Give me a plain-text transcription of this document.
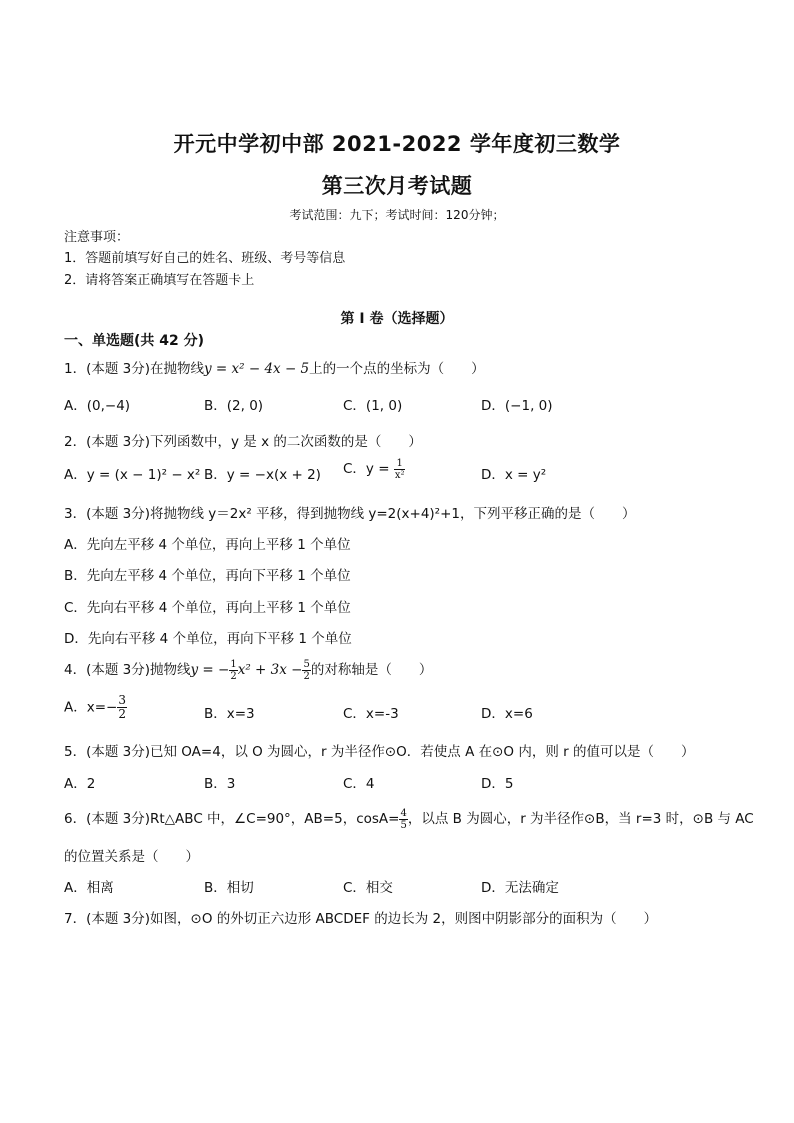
开元中学初中部 2021-2022 学年度初三数学
第三次月考试题
考试范围：九下；考试时间：120分钟；
注意事项：
1．答题前填写好自己的姓名、班级、考号等信息
2．请将答案正确填写在答题卡上
第 I 卷（选择题）
一、单选题(共 42 分)
1．(本题 3分)在抛物线y = x² − 4x − 5上的一个点的坐标为（　　）
A．(0,−4)	B．(2, 0)	C．(1, 0)	D．(−1, 0)
2．(本题 3分)下列函数中，y 是 x 的二次函数的是（　　）
A．y = (x − 1)² − x² B．y = −x(x + 2) C．$y = \frac{1}{\text{x²}}$	D．x = y²
3．(本题 3分)将抛物线 y＝2x² 平移，得到抛物线 y=2(x+4)²+1，下列平移正确的是（　　）
A．先向左平移 4 个单位，再向上平移 1 个单位
B．先向左平移 4 个单位，再向下平移 1 个单位
C．先向右平移 4 个单位，再向上平移 1 个单位
D．先向右平移 4 个单位，再向下平移 1 个单位
4．(本题 3分)抛物线y = − $\frac{1}{2} x^2 + 3x - \frac{5}{2}$ 的对称轴是（　　）
A．$x=- \frac{3}{2}$	B．x=3	C．x=-3	D．x=6
5．(本题 3分)已知 OA=4，以 O 为圆心，r 为半径作⊙O．若使点 A 在⊙O 内，则 r 的值可以是（　　）
A．2	B．3	C．4	D．5
6．(本题 3分)Rt△ABC 中，∠C=90°，AB=5，$\cos A= \frac{4}{5}$ ，以点 B 为圆心，r 为半径作⊙B，当 r=3 时，⊙B 与 AC
的位置关系是（　　）
A．相离	B．相切	C．相交	D．无法确定
7．(本题 3分)如图，⊙O 的外切正六边形 ABCDEF 的边长为 2，则图中阴影部分的面积为（　　）
